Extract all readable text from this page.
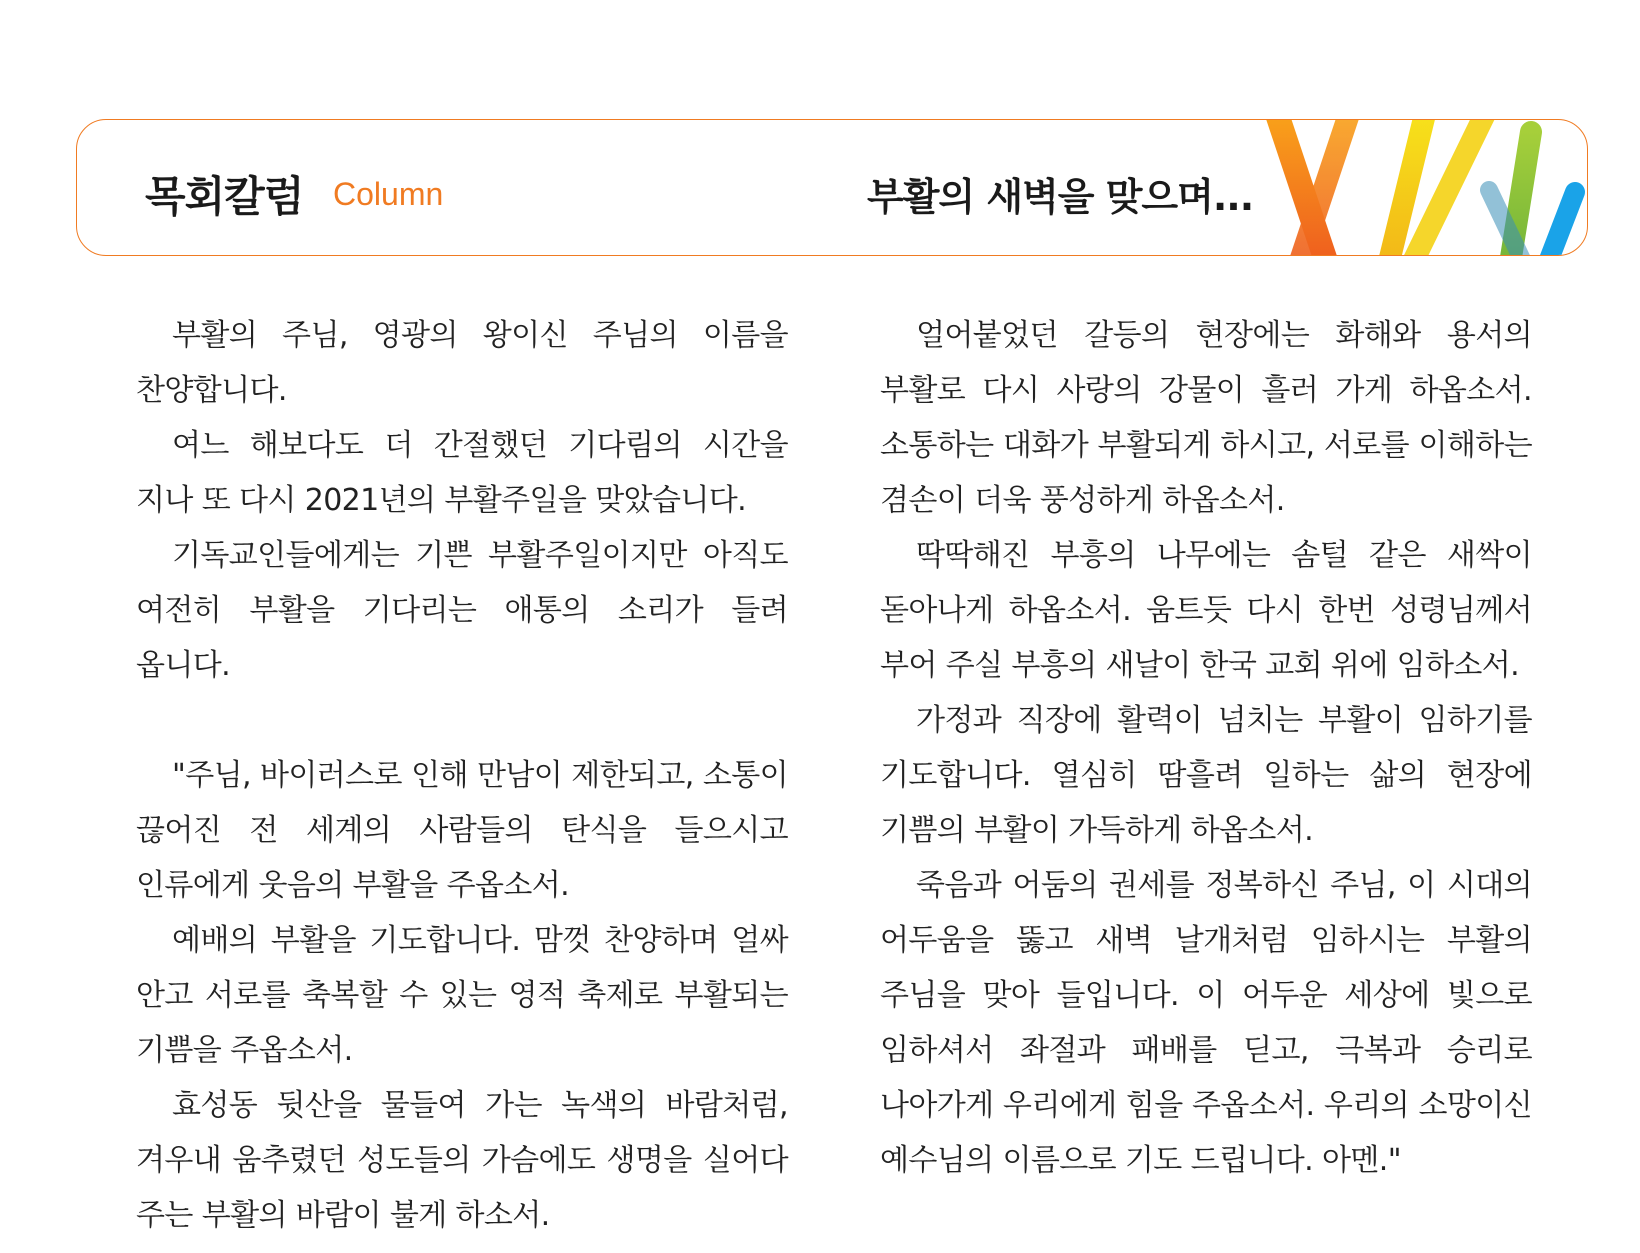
목회칼럼 Column	부활의 새벽을 맞으며...

부활의 주님, 영광의 왕이신 주님의 이름을 찬양합니다.

여느 해보다도 더 간절했던 기다림의 시간을 지나 또 다시 2021년의 부활주일을 맞았습니다.

기독교인들에게는 기쁜 부활주일이지만 아직도 여전히 부활을 기다리는 애통의 소리가 들려 옵니다.

"주님, 바이러스로 인해 만남이 제한되고, 소통이 끊어진 전 세계의 사람들의 탄식을 들으시고 인류에게 웃음의 부활을 주옵소서.

예배의 부활을 기도합니다. 맘껏 찬양하며 얼싸 안고 서로를 축복할 수 있는 영적 축제로 부활되는 기쁨을 주옵소서.

효성동 뒷산을 물들여 가는 녹색의 바람처럼, 겨우내 움추렸던 성도들의 가슴에도 생명을 실어다 주는 부활의 바람이 불게 하소서.

얼어붙었던 갈등의 현장에는 화해와 용서의 부활로 다시 사랑의 강물이 흘러 가게 하옵소서. 소통하는 대화가 부활되게 하시고, 서로를 이해하는 겸손이 더욱 풍성하게 하옵소서.

딱딱해진 부흥의 나무에는 솜털 같은 새싹이 돋아나게 하옵소서. 움트듯 다시 한번 성령님께서 부어 주실 부흥의 새날이 한국 교회 위에 임하소서.

가정과 직장에 활력이 넘치는 부활이 임하기를 기도합니다. 열심히 땀흘려 일하는 삶의 현장에 기쁨의 부활이 가득하게 하옵소서.

죽음과 어둠의 권세를 정복하신 주님, 이 시대의 어두움을 뚫고 새벽 날개처럼 임하시는 부활의 주님을 맞아 들입니다. 이 어두운 세상에 빛으로 임하셔서 좌절과 패배를 딛고, 극복과 승리로 나아가게 우리에게 힘을 주옵소서. 우리의 소망이신 예수님의 이름으로 기도 드립니다. 아멘."
